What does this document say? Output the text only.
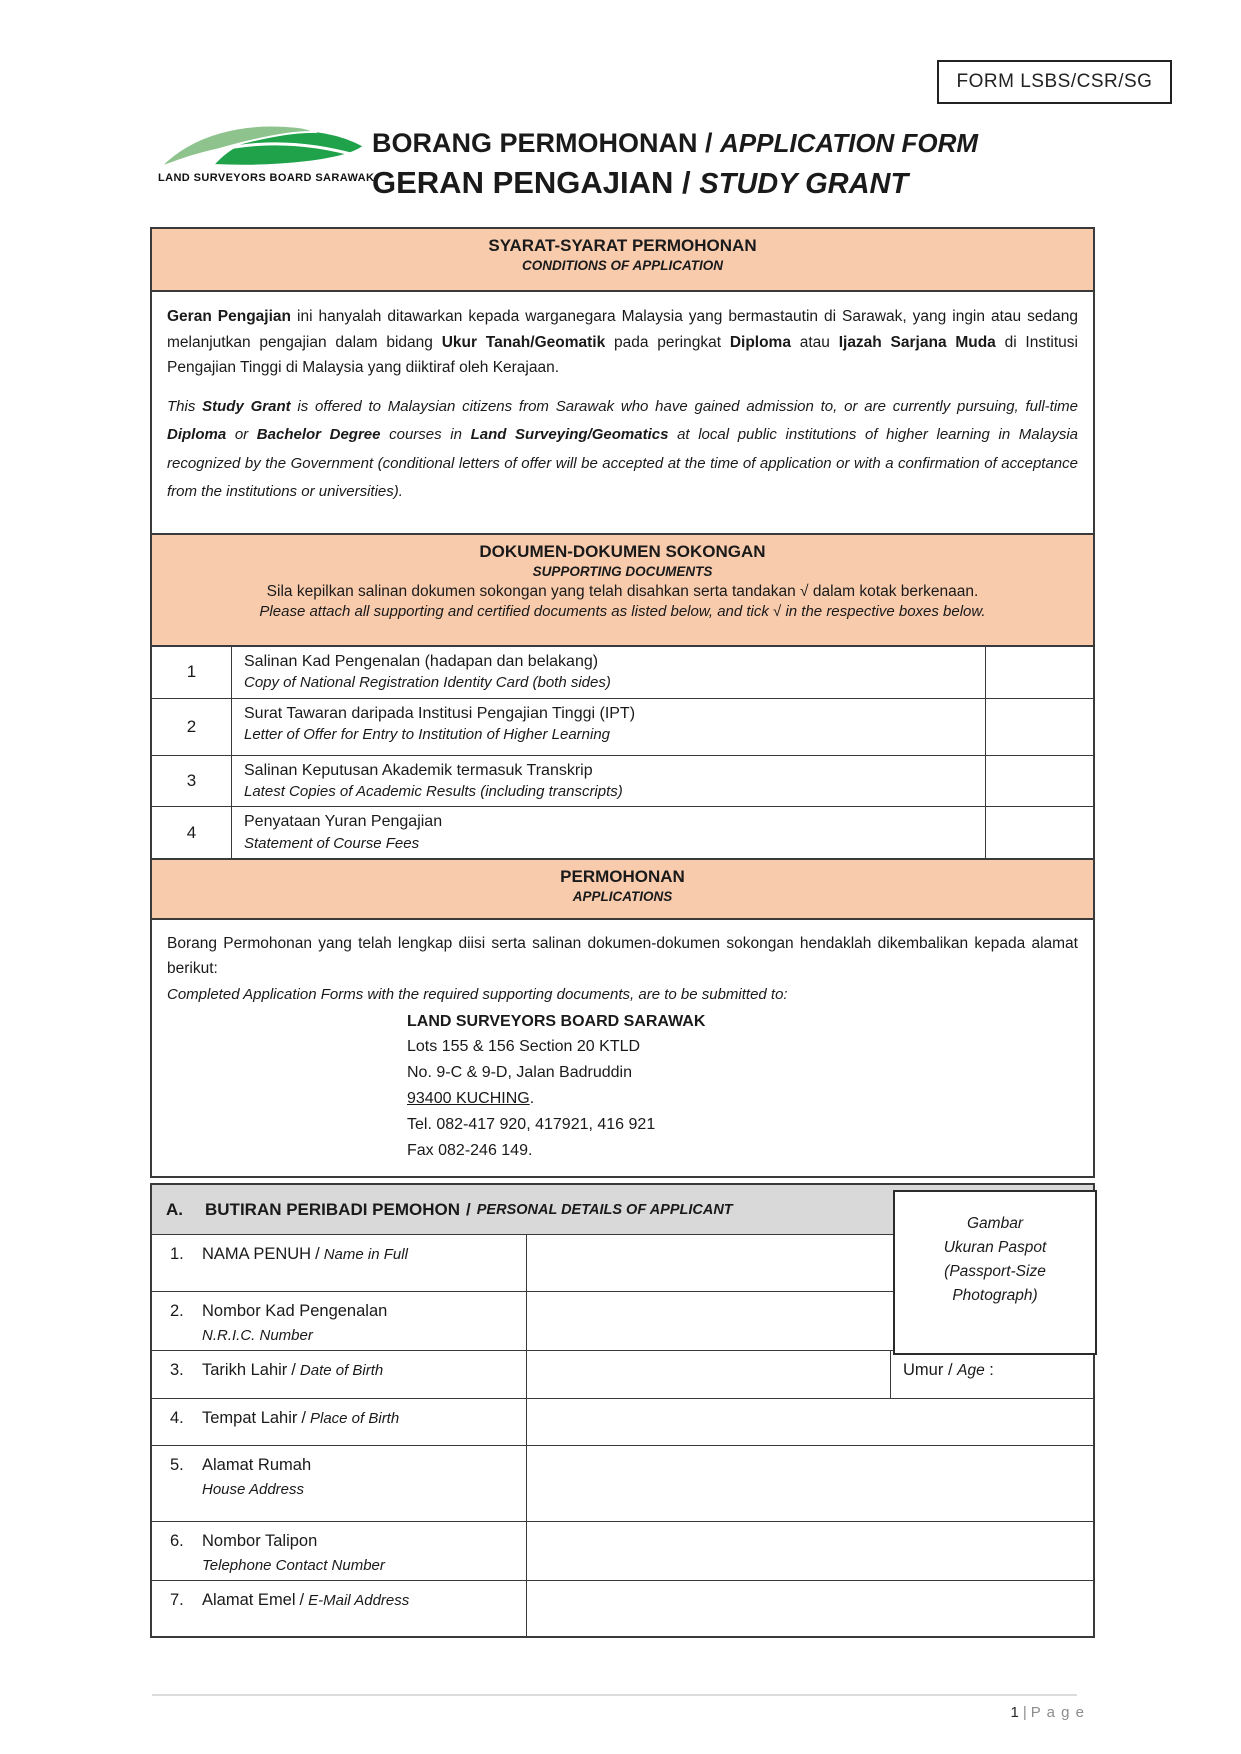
FORM LSBS/CSR/SG
LAND SURVEYORS BOARD SARAWAK
BORANG PERMOHONAN / APPLICATION FORM
GERAN PENGAJIAN / STUDY GRANT
SYARAT-SYARAT PERMOHONAN
CONDITIONS OF APPLICATION

Geran Pengajian ini hanyalah ditawarkan kepada warganegara Malaysia yang bermastautin di Sarawak, yang ingin atau sedang melanjutkan pengajian dalam bidang Ukur Tanah/Geomatik pada peringkat Diploma atau Ijazah Sarjana Muda di Institusi Pengajian Tinggi di Malaysia yang diiktiraf oleh Kerajaan.

This Study Grant is offered to Malaysian citizens from Sarawak who have gained admission to, or are currently pursuing, full-time Diploma or Bachelor Degree courses in Land Surveying/Geomatics at local public institutions of higher learning in Malaysia recognized by the Government (conditional letters of offer will be accepted at the time of application or with a confirmation of acceptance from the institutions or universities).

DOKUMEN-DOKUMEN SOKONGAN
SUPPORTING DOCUMENTS
Sila kepilkan salinan dokumen sokongan yang telah disahkan serta tandakan √ dalam kotak berkenaan.
Please attach all supporting and certified documents as listed below, and tick √ in the respective boxes below.
1
Salinan Kad Pengenalan (hadapan dan belakang)
Copy of National Registration Identity Card (both sides)
2
Surat Tawaran daripada Institusi Pengajian Tinggi (IPT)
Letter of Offer for Entry to Institution of Higher Learning
3
Salinan Keputusan Akademik termasuk Transkrip
Latest Copies of Academic Results (including transcripts)
4
Penyataan Yuran Pengajian
Statement of Course Fees
PERMOHONAN
APPLICATIONS

Borang Permohonan yang telah lengkap diisi serta salinan dokumen-dokumen sokongan hendaklah dikembalikan kepada alamat berikut:

Completed Application Forms with the required supporting documents, are to be submitted to:

LAND SURVEYORS BOARD SARAWAK
Lots 155 & 156 Section 20 KTLD
No. 9-C & 9-D, Jalan Badruddin
93400 KUCHING.
Tel. 082-417 920, 417921, 416 921
Fax 082-246 149.
A. BUTIRAN PERIBADI PEMOHON / PERSONAL DETAILS OF APPLICANT
1.	NAMA PENUH / Name in Full
2.	Nombor Kad Pengenalan
N.R.I.C. Number
3.	Tarikh Lahir / Date of Birth	Umur / Age :
4.	Tempat Lahir / Place of Birth
5.	Alamat Rumah
House Address
6.	Nombor Talipon
Telephone Contact Number
7.	Alamat Emel / E-Mail Address
Gambar
Ukuran Paspot
(Passport-Size
Photograph)
1 | P a g e
